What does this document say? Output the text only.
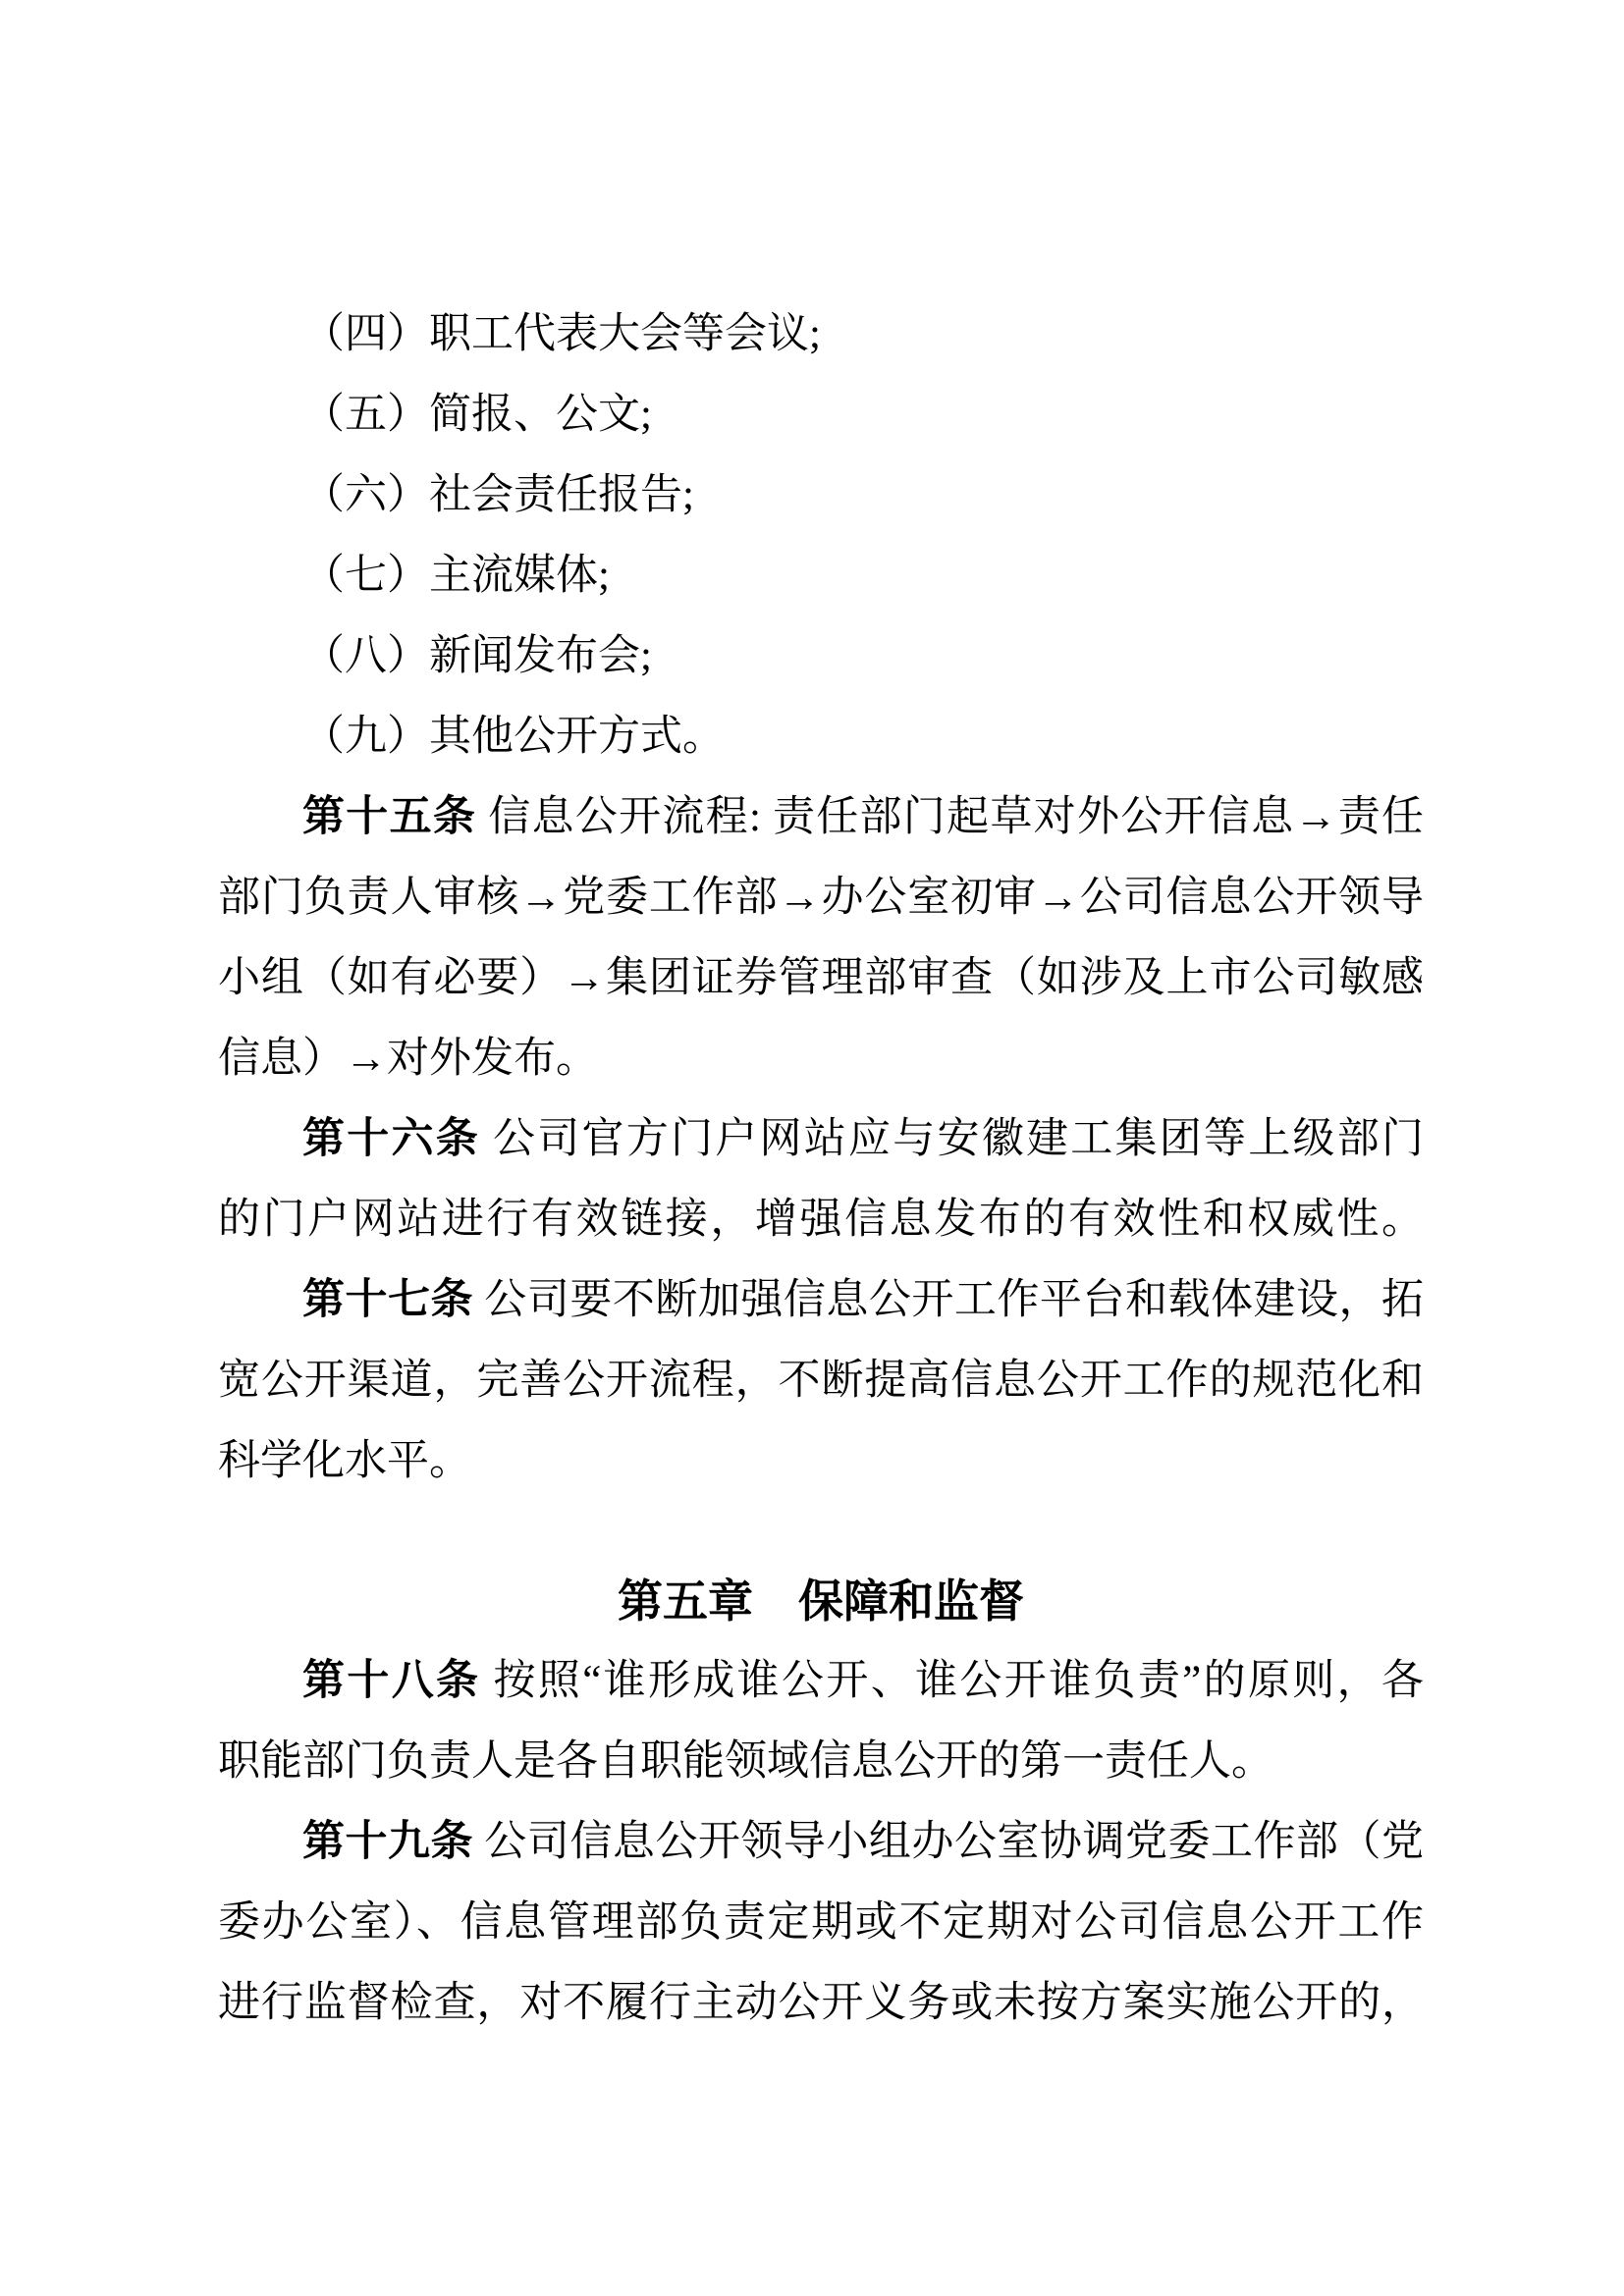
（四）职工代表大会等会议;
（五）简报、公文;
（六）社会责任报告;
（七）主流媒体;
（八）新闻发布会;
（九）其他公开方式。
第十五条 信息公开流程: 责任部门起草对外公开信息→责任
部门负责人审核→党委工作部→办公室初审→公司信息公开领导
小组（如有必要）→集团证券管理部审查（如涉及上市公司敏感
信息）→对外发布。
第十六条 公司官方门户网站应与安徽建工集团等上级部门
的门户网站进行有效链接，增强信息发布的有效性和权威性。
第十七条 公司要不断加强信息公开工作平台和载体建设，拓
宽公开渠道，完善公开流程，不断提高信息公开工作的规范化和
科学化水平。
第五章　保障和监督
第十八条 按照“谁形成谁公开、谁公开谁负责”的原则，各
职能部门负责人是各自职能领域信息公开的第一责任人。
第十九条 公司信息公开领导小组办公室协调党委工作部（党
委办公室）、信息管理部负责定期或不定期对公司信息公开工作
进行监督检查，对不履行主动公开义务或未按方案实施公开的，
